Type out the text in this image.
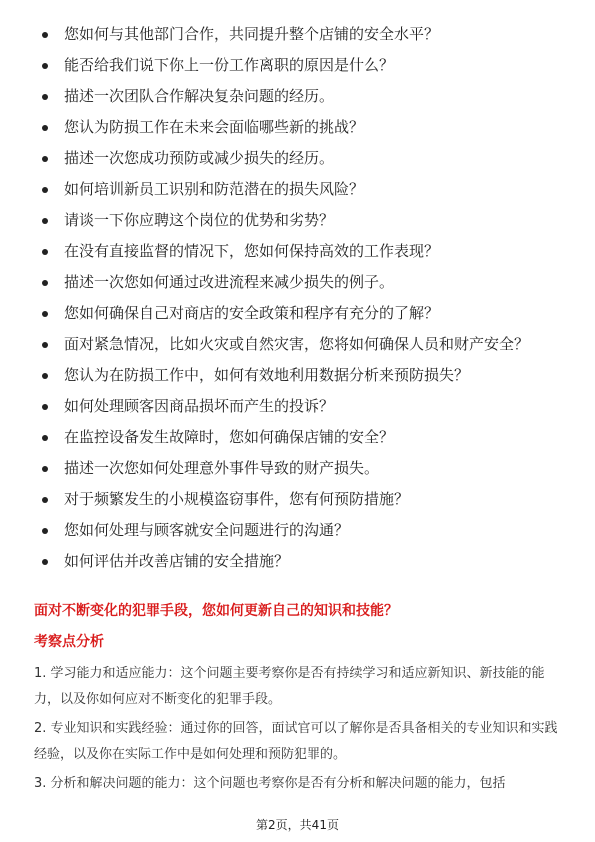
您如何与其他部门合作，共同提升整个店铺的安全水平？
能否给我们说下你上一份工作离职的原因是什么？
描述一次团队合作解决复杂问题的经历。
您认为防损工作在未来会面临哪些新的挑战？
描述一次您成功预防或减少损失的经历。
如何培训新员工识别和防范潜在的损失风险？
请谈一下你应聘这个岗位的优势和劣势？
在没有直接监督的情况下，您如何保持高效的工作表现？
描述一次您如何通过改进流程来减少损失的例子。
您如何确保自己对商店的安全政策和程序有充分的了解？
面对紧急情况，比如火灾或自然灾害，您将如何确保人员和财产安全？
您认为在防损工作中，如何有效地利用数据分析来预防损失？
如何处理顾客因商品损坏而产生的投诉？
在监控设备发生故障时，您如何确保店铺的安全？
描述一次您如何处理意外事件导致的财产损失。
对于频繁发生的小规模盗窃事件，您有何预防措施？
您如何处理与顾客就安全问题进行的沟通？
如何评估并改善店铺的安全措施？
面对不断变化的犯罪手段，您如何更新自己的知识和技能？
考察点分析

1. 学习能力和适应能力：这个问题主要考察你是否有持续学习和适应新知识、新技能的能力，以及你如何应对不断变化的犯罪手段。

2. 专业知识和实践经验：通过你的回答，面试官可以了解你是否具备相关的专业知识和实践经验，以及你在实际工作中是如何处理和预防犯罪的。

3. 分析和解决问题的能力：这个问题也考察你是否有分析和解决问题的能力，包括

第2页，共41页
